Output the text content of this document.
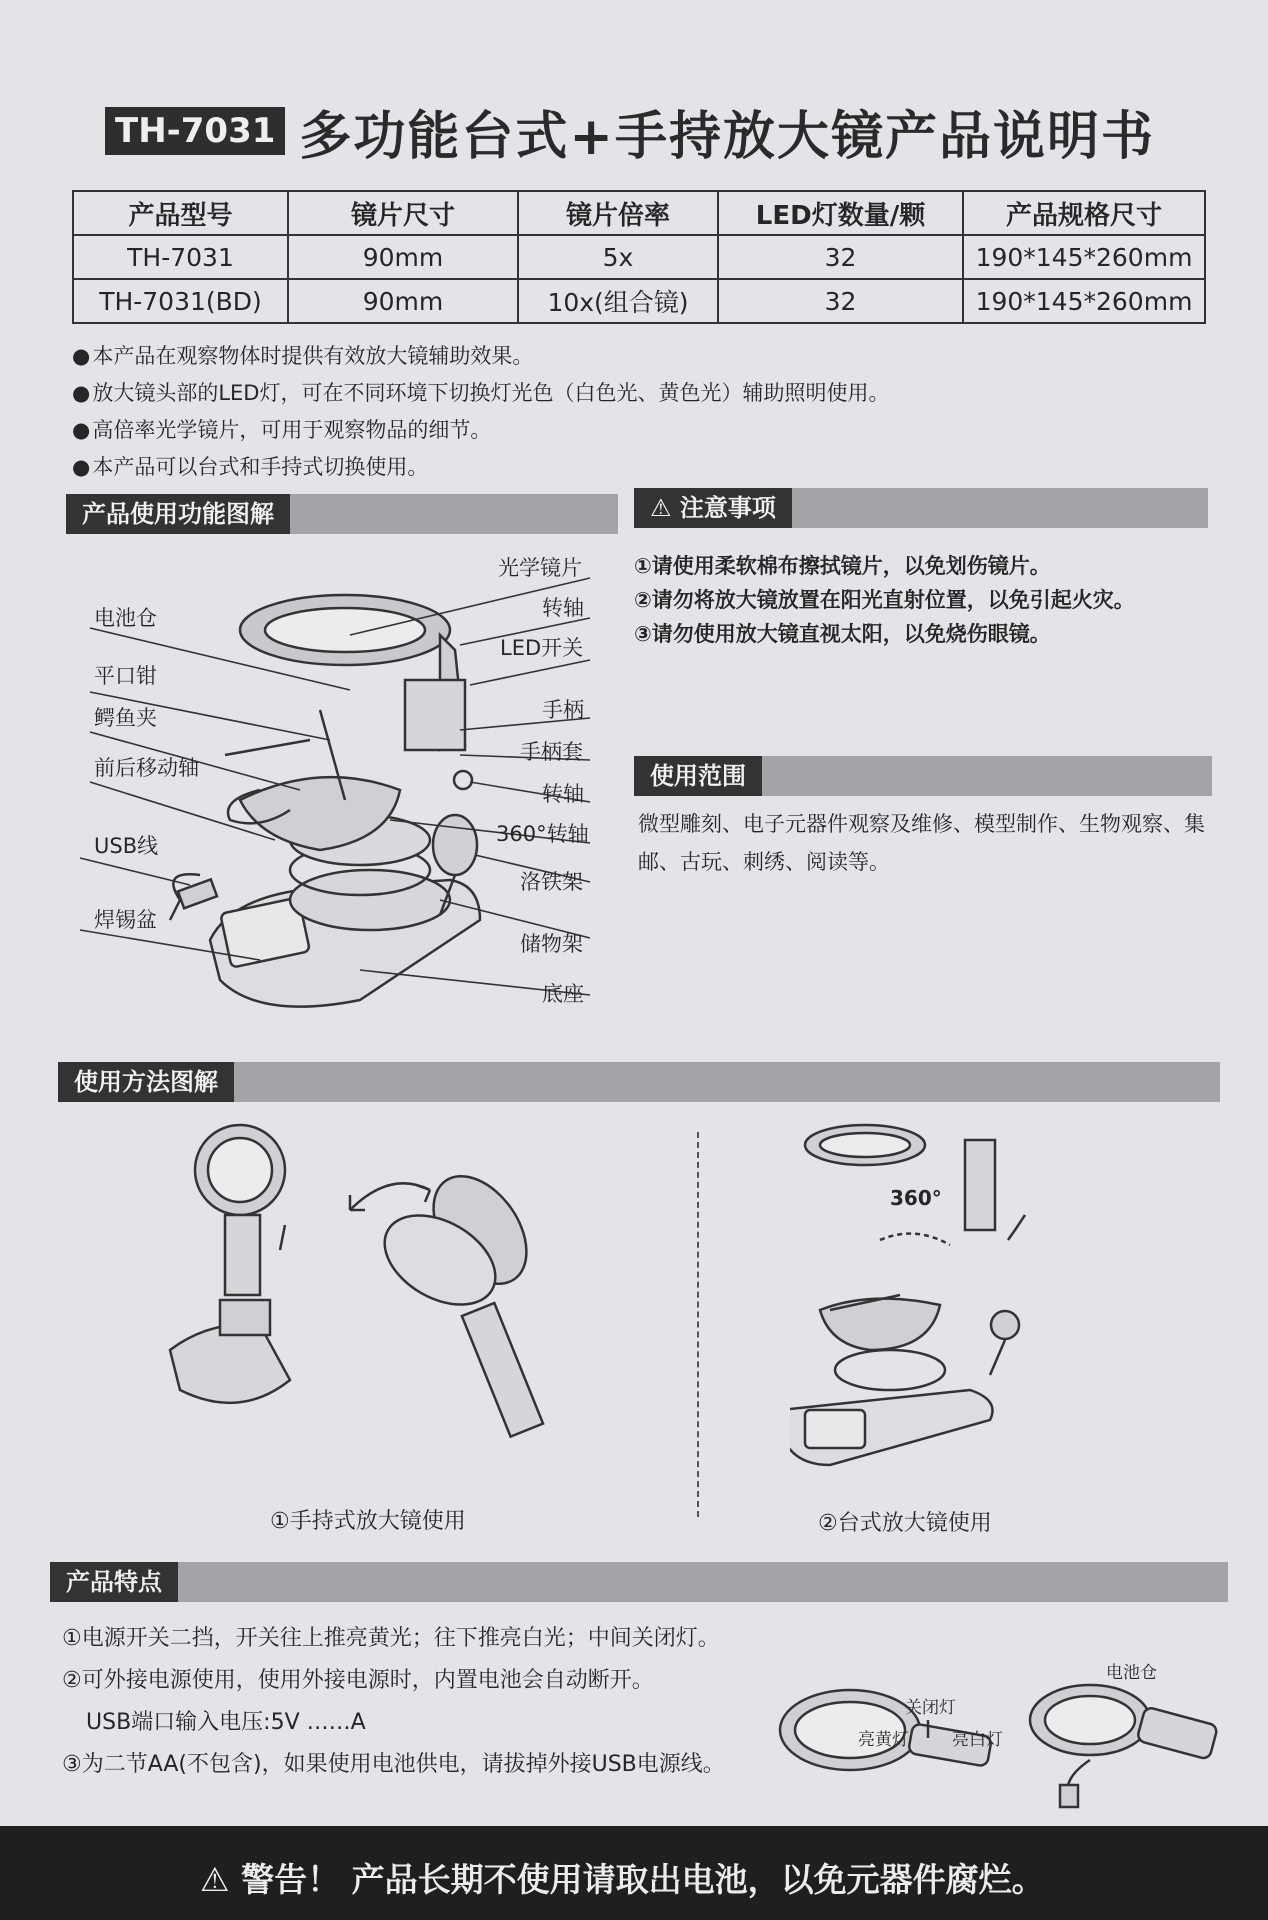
TH-7031 多功能台式+手持放大镜产品说明书
产品型号	镜片尺寸	镜片倍率	LED灯数量/颗	产品规格尺寸
TH-7031	90mm	5x	32	190*145*260mm
TH-7031(BD)	90mm	10x(组合镜)	32	190*145*260mm
● 本产品在观察物体时提供有效放大镜辅助效果。
● 放大镜头部的LED灯，可在不同环境下切换灯光色（白色光、黄色光）辅助照明使用。
● 高倍率光学镜片，可用于观察物品的细节。
● 本产品可以台式和手持式切换使用。
产品使用功能图解	⚠ 注意事项
①请使用柔软棉布擦拭镜片，以免划伤镜片。
②请勿将放大镜放置在阳光直射位置，以免引起火灾。
③请勿使用放大镜直视太阳，以免烧伤眼镜。
使用范围
微型雕刻、电子元器件观察及维修、模型制作、生物观察、集邮、古玩、刺绣、阅读等。
电池仓
平口钳
鳄鱼夹
前后移动轴
USB线
焊锡盆
光学镜片
转轴
LED开关
手柄
手柄套
转轴
360°转轴
洛铁架
储物架
底座
使用方法图解
360°
①手持式放大镜使用	②台式放大镜使用
产品特点
①电源开关二挡，开关往上推亮黄光；往下推亮白光；中间关闭灯。
②可外接电源使用，使用外接电源时，内置电池会自动断开。
USB端口输入电压:5V ……A
③为二节AA(不包含)，如果使用电池供电，请拔掉外接USB电源线。
关闭灯
亮黄灯	亮白灯
电池仓
⚠ 警告！ 产品长期不使用请取出电池，以免元器件腐烂。
